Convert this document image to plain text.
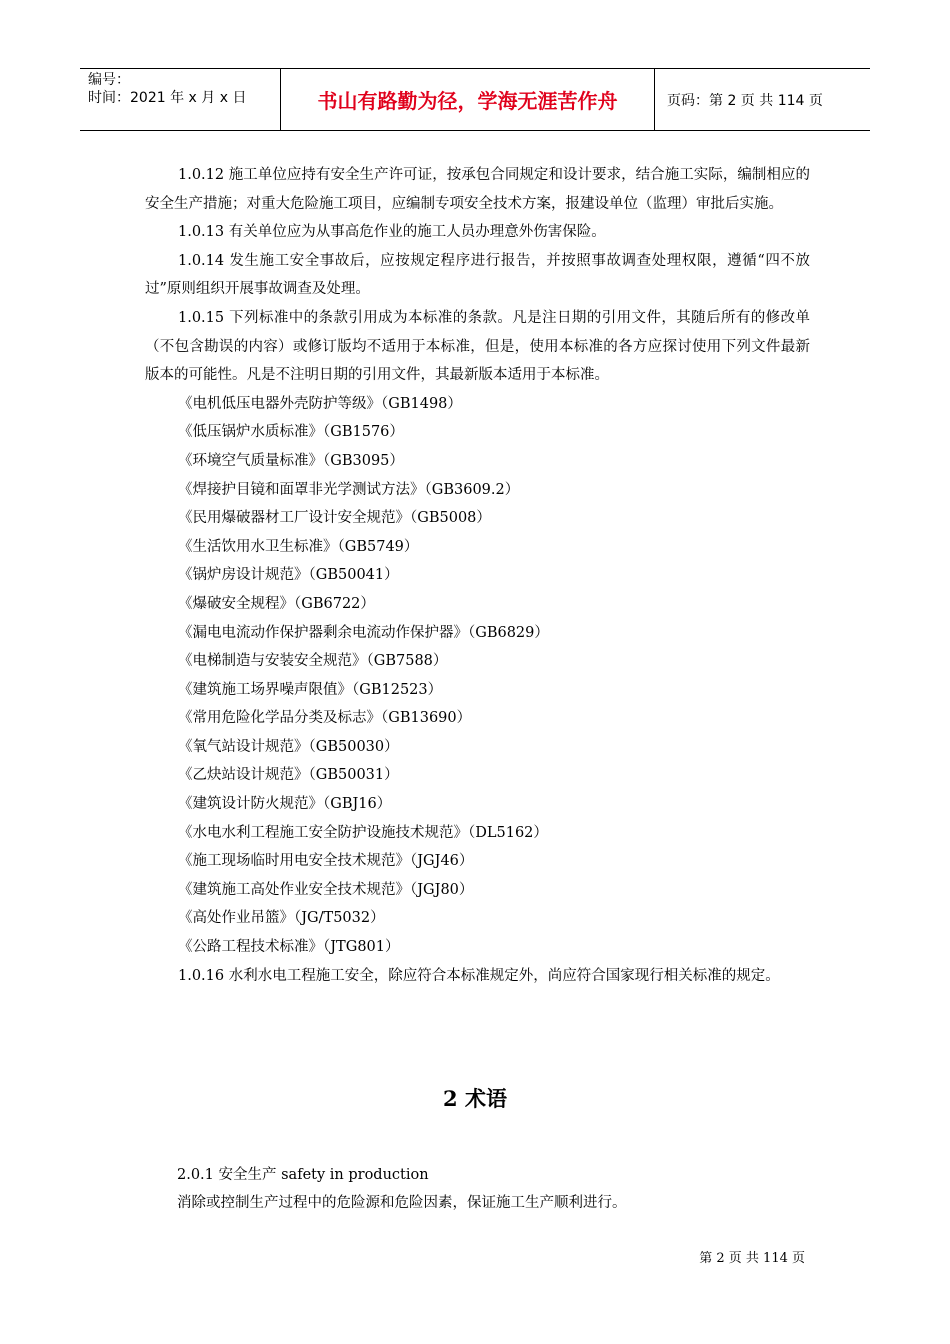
编号：
时间：2021 年 x 月 x 日	书山有路勤为径，学海无涯苦作舟	页码：第 2 页 共 114 页

1.0.12 施工单位应持有安全生产许可证，按承包合同规定和设计要求，结合施工实际，编制相应的安全生产措施；对重大危险施工项目，应编制专项安全技术方案，报建设单位（监理）审批后实施。

1.0.13 有关单位应为从事高危作业的施工人员办理意外伤害保险。

1.0.14 发生施工安全事故后，应按规定程序进行报告，并按照事故调查处理权限，遵循“四不放过”原则组织开展事故调查及处理。

1.0.15 下列标准中的条款引用成为本标准的条款。凡是注日期的引用文件，其随后所有的修改单（不包含勘误的内容）或修订版均不适用于本标准，但是，使用本标准的各方应探讨使用下列文件最新版本的可能性。凡是不注明日期的引用文件，其最新版本适用于本标准。

《电机低压电器外壳防护等级》（GB1498）

《低压锅炉水质标准》（GB1576）

《环境空气质量标准》（GB3095）

《焊接护目镜和面罩非光学测试方法》（GB3609.2）

《民用爆破器材工厂设计安全规范》（GB5008）

《生活饮用水卫生标准》（GB5749）

《锅炉房设计规范》（GB50041）

《爆破安全规程》（GB6722）

《漏电电流动作保护器剩余电流动作保护器》（GB6829）

《电梯制造与安装安全规范》（GB7588）

《建筑施工场界噪声限值》（GB12523）

《常用危险化学品分类及标志》（GB13690）

《氧气站设计规范》（GB50030）

《乙炔站设计规范》（GB50031）

《建筑设计防火规范》（GBJ16）

《水电水利工程施工安全防护设施技术规范》（DL5162）

《施工现场临时用电安全技术规范》（JGJ46）

《建筑施工高处作业安全技术规范》（JGJ80）

《高处作业吊篮》（JG/T5032）

《公路工程技术标准》（JTG801）

1.0.16 水利水电工程施工安全，除应符合本标准规定外，尚应符合国家现行相关标准的规定。

2 术语
2.0.1 安全生产 safety in production
消除或控制生产过程中的危险源和危险因素，保证施工生产顺利进行。
第 2 页 共 114 页
